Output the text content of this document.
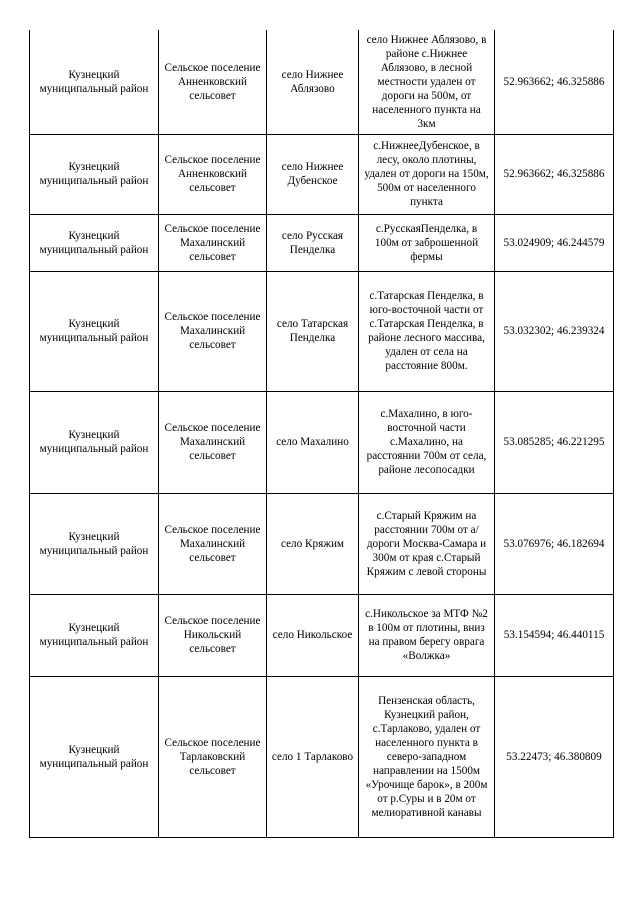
Кузнецкий муниципальный район	Сельское поселение Анненковский сельсовет	село Нижнее Аблязово	село Нижнее Аблязово, в районе с.Нижнее Аблязово, в лесной местности удален от дороги на 500м, от населенного пункта на 3км	52.963662; 46.325886
Кузнецкий муниципальный район	Сельское поселение Анненковский сельсовет	село Нижнее Дубенское	с.НижнееДубенское, в лесу, около плотины, удален от дороги на 150м, 500м от населенного пункта	52.963662; 46.325886
Кузнецкий муниципальный район	Сельское поселение Махалинский сельсовет	село Русская Пенделка	с.РусскаяПенделка, в 100м от заброшенной фермы	53.024909; 46.244579
Кузнецкий муниципальный район	Сельское поселение Махалинский сельсовет	село Татарская Пенделка	с.Татарская Пенделка, в юго-восточной части от с.Татарская Пенделка, в районе лесного массива, удален от села на расстояние 800м.	53.032302; 46.239324
Кузнецкий муниципальный район	Сельское поселение Махалинский сельсовет	село Махалино	с.Махалино, в юго-восточной части с.Махалино, на расстоянии 700м от села, районе лесопосадки	53.085285; 46.221295
Кузнецкий муниципальный район	Сельское поселение Махалинский сельсовет	село Кряжим	с.Старый Кряжим на расстоянии 700м от а/дороги Москва-Самара и 300м от края с.Старый Кряжим с левой стороны	53.076976; 46.182694
Кузнецкий муниципальный район	Сельское поселение Никольский сельсовет	село Никольское	с.Никольское за МТФ №2 в 100м от плотины, вниз на правом берегу оврага «Волжка»	53.154594; 46.440115
Кузнецкий муниципальный район	Сельское поселение Тарлаковский сельсовет	село 1 Тарлаково	Пензенская область, Кузнецкий район, с.Тарлаково, удален от населенного пункта в северо-западном направлении на 1500м «Урочище барок», в 200м от р.Суры и в 20м от мелиоративной канавы	53.22473; 46.380809
